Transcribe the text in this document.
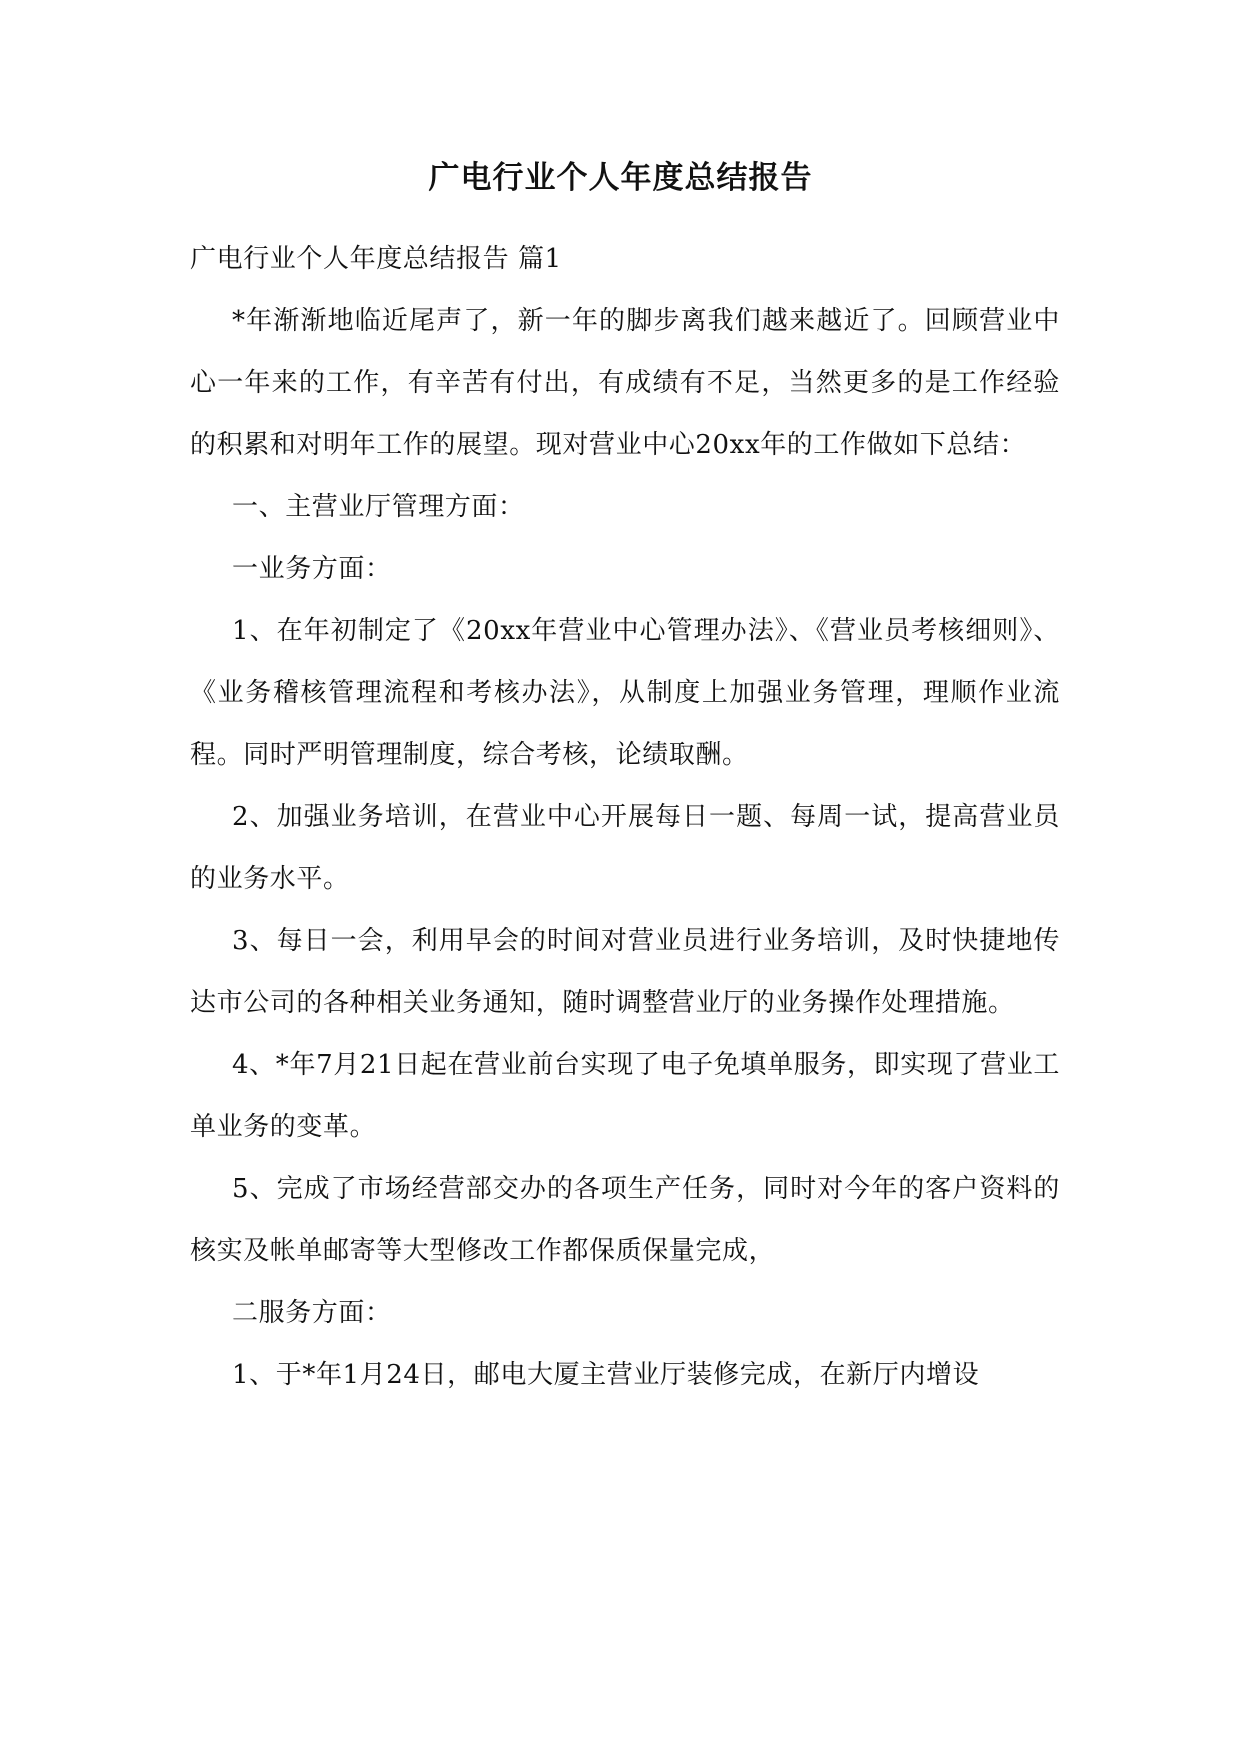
广电行业个人年度总结报告

广电行业个人年度总结报告 篇1

*年渐渐地临近尾声了，新一年的脚步离我们越来越近了。回顾营业中心一年来的工作，有辛苦有付出，有成绩有不足，当然更多的是工作经验的积累和对明年工作的展望。现对营业中心20xx年的工作做如下总结：

一、主营业厅管理方面：

一业务方面：

1、在年初制定了《20xx年营业中心管理办法》、《营业员考核细则》、《业务稽核管理流程和考核办法》，从制度上加强业务管理，理顺作业流程。同时严明管理制度，综合考核，论绩取酬。

2、加强业务培训，在营业中心开展每日一题、每周一试，提高营业员的业务水平。

3、每日一会，利用早会的时间对营业员进行业务培训，及时快捷地传达市公司的各种相关业务通知，随时调整营业厅的业务操作处理措施。

4、*年7月21日起在营业前台实现了电子免填单服务，即实现了营业工单业务的变革。

5、完成了市场经营部交办的各项生产任务，同时对今年的客户资料的核实及帐单邮寄等大型修改工作都保质保量完成，

二服务方面：

1、于*年1月24日，邮电大厦主营业厅装修完成，在新厅内增设
